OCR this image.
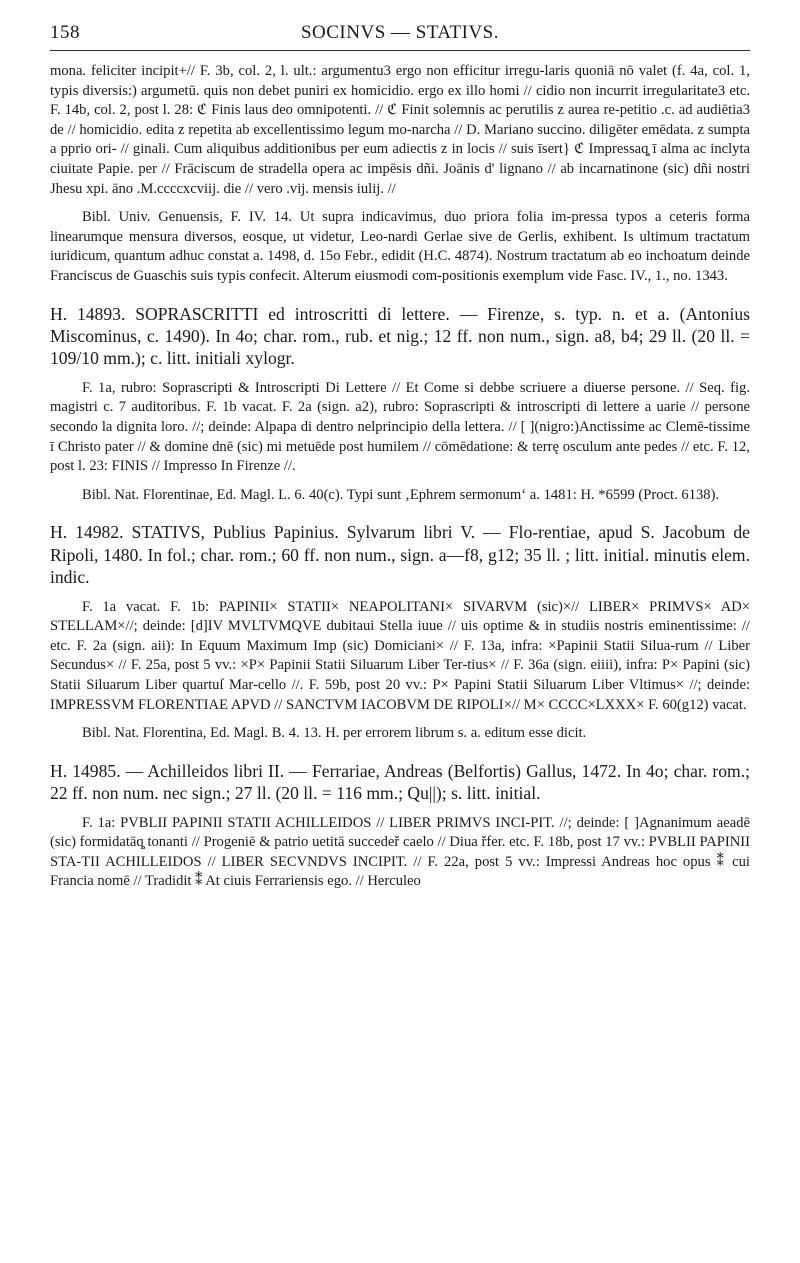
158	SOCINVS — STATIVS.

mona. feliciter incipit+// F. 3b, col. 2, l. ult.: argumentu3 ergo non efficitur irregu-laris quoniā nō valet (f. 4a, col. 1, typis diversis:) argumetū. quis non debet puniri ex homicidio. ergo ex illo homi // cidio non incurrit irregularitate3 etc. F. 14b, col. 2, post l. 28: ℭ Finis laus deo omnipotenti. // ℭ Finit solemnis ac perutilis z aurea re-petitio .c. ad audiētia3 de // homicidio. edita z repetita ab excellentissimo legum mo-narcha // D. Mariano succino. diligēter emēdata. z sumpta a pprio ori- // ginali. Cum aliquibus additionibus per eum adiectis z in locis // suis īsert} ℭ Impressaq̧ ī alma ac inclyta ciuitate Papie. per // Frāciscum de stradella opera ac impēsis dñi. Joānis d' lignano // ab incarnatinone (sic) dñi nostri Jhesu xpi. āno .M.ccccxcviij. die // vero .vij. mensis iulij. //

Bibl. Univ. Genuensis, F. IV. 14. Ut supra indicavimus, duo priora folia im-pressa typos a ceteris forma linearumque mensura diversos, eosque, ut videtur, Leo-nardi Gerlae sive de Gerlis, exhibent. Is ultimum tractatum iuridicum, quantum adhuc constat a. 1498, d. 15o Febr., edidit (H.C. 4874). Nostrum tractatum ab eo inchoatum deinde Franciscus de Guaschis suis typis confecit. Alterum eiusmodi com-positionis exemplum vide Fasc. IV., 1., no. 1343.

H. 14893. SOPRASCRITTI ed introscritti di lettere. — Firenze, s. typ. n. et a. (Antonius Miscominus, c. 1490). In 4o; char. rom., rub. et nig.; 12 ff. non num., sign. a8, b4; 29 ll. (20 ll. = 109/10 mm.); c. litt. initiali xylogr.

F. 1a, rubro: Soprascripti & Introscripti Di Lettere // Et Come si debbe scriuere a diuerse persone. // Seq. fig. magistri c. 7 auditoribus. F. 1b vacat. F. 2a (sign. a2), rubro: Soprascripti & introscripti di lettere a uarie // persone secondo la dignita loro. //; deinde: Alpapa di dentro nelprincipio della lettera. // [ ](nigro:)Anctissime ac Clemē-tissime ī Christo pater // & domine dnē (sic) mi metuēde post humilem // cōmēdatione: & terrę osculum ante pedes // etc. F. 12, post l. 23: FINIS // Impresso In Firenze //.

Bibl. Nat. Florentinae, Ed. Magl. L. 6. 40(c). Typi sunt ‚Ephrem sermonum‘ a. 1481: H. *6599 (Proct. 6138).

H. 14982. STATIVS, Publius Papinius. Sylvarum libri V. — Flo-rentiae, apud S. Jacobum de Ripoli, 1480. In fol.; char. rom.; 60 ff. non num., sign. a—f8, g12; 35 ll. ; litt. initial. minutis elem. indic.

F. 1a vacat. F. 1b: PAPINII× STATII× NEAPOLITANI× SIVARVM (sic)×// LIBER× PRIMVS× AD× STELLAM×//; deinde: [d]IV MVLTVMQVE dubitaui Stella iuue // uis optime & in studiis nostris eminentissime: // etc. F. 2a (sign. aii): In Equum Maximum Imp (sic) Domiciani× // F. 13a, infra: ×Papinii Statii Silua-rum // Liber Secundus× // F. 25a, post 5 vv.: ×P× Papinii Statii Siluarum Liber Ter-tius× // F. 36a (sign. eiiii), infra: P× Papini (sic) Statii Siluarum Liber quartuſ Mar-cello //. F. 59b, post 20 vv.: P× Papini Statii Siluarum Liber Vltimus× //; deinde: IMPRESSVM FLORENTIAE APVD // SANCTVM IACOBVM DE RIPOLI×// M× CCCC×LXXX× F. 60(g12) vacat.

Bibl. Nat. Florentina, Ed. Magl. B. 4. 13. H. per errorem librum s. a. editum esse dicit.

H. 14985. — Achilleidos libri II. — Ferrariae, Andreas (Belfortis) Gallus, 1472. In 4o; char. rom.; 22 ff. non num. nec sign.; 27 ll. (20 ll. = 116 mm.; Qu||); s. litt. initial.

F. 1a: PVBLII PAPINII STATII ACHILLEIDOS // LIBER PRIMVS INCI-PIT. //; deinde: [ ]Agnanimum aeadē (sic) formidatāq̧ tonanti // Progeniē & patrio uetitā succedeř caelo // Diua řfer. etc. F. 18b, post 17 vv.: PVBLII PAPINII STA-TII ACHILLEIDOS // LIBER SECVNDVS INCIPIT. // F. 22a, post 5 vv.: Impressi Andreas hoc opus ⁑ cui Francia nomē // Tradidit ⁑ At ciuis Ferrariensis ego. // Herculeo
